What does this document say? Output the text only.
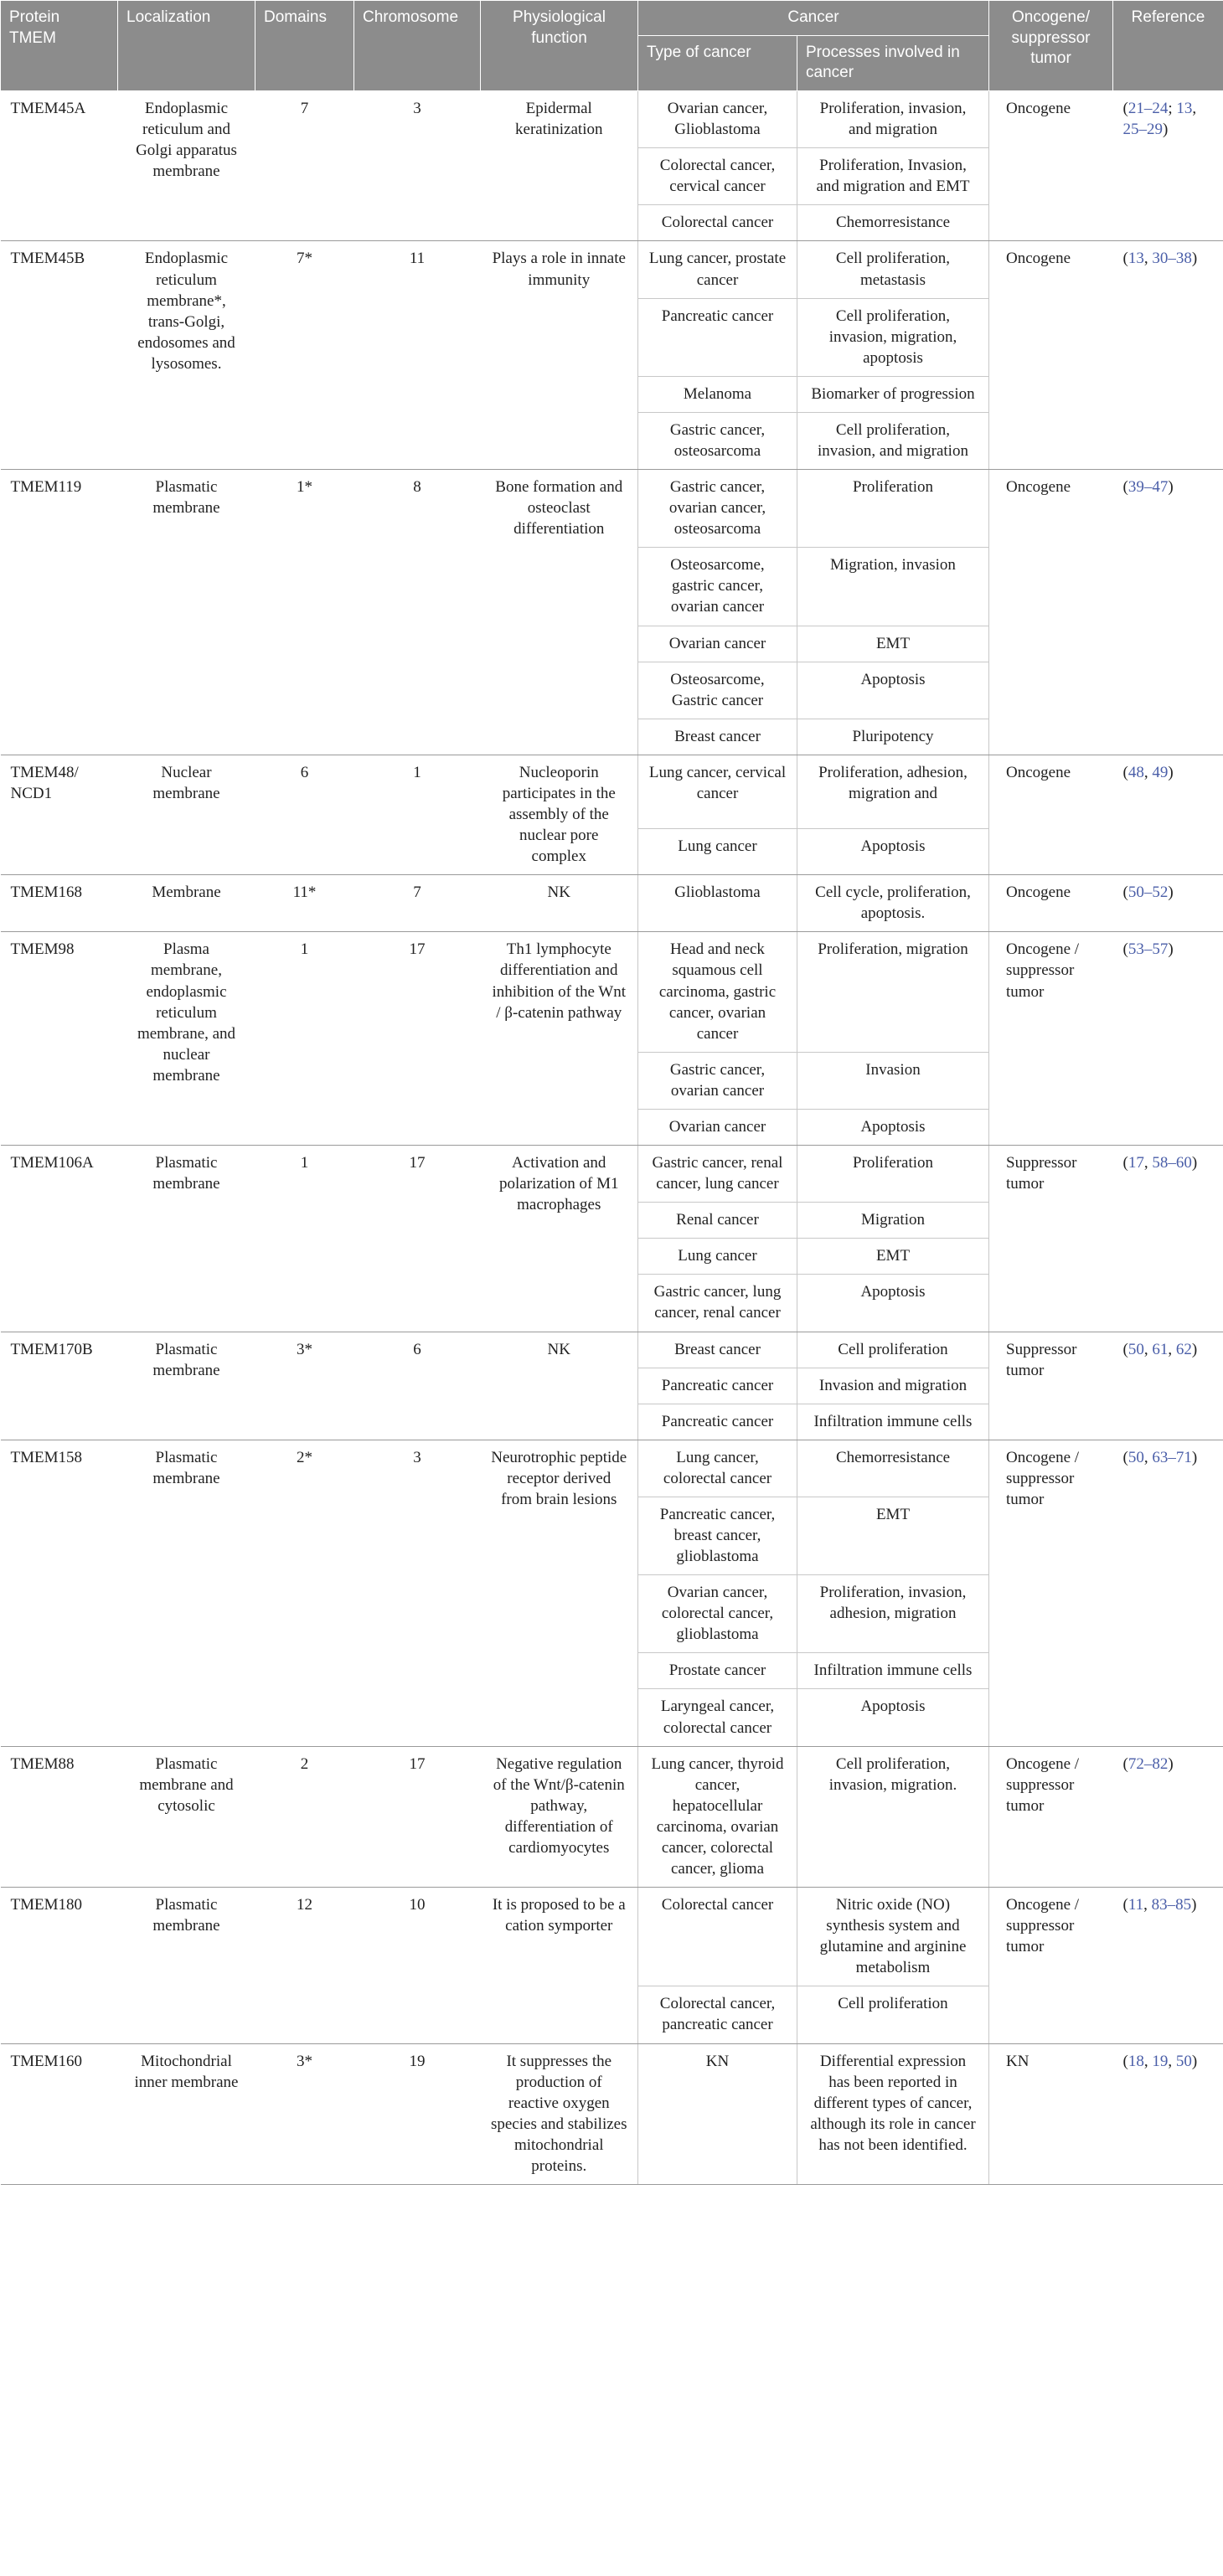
Protein TMEM	Localization	Domains	Chromosome	Physiological function	Cancer		Oncogene/ suppressor tumor	Reference
					Type of cancer	Processes involved in cancer		
TMEM45A	Endoplasmic reticulum and Golgi apparatus membrane	7	3	Epidermal keratinization	Ovarian cancer, Glioblastoma	Proliferation, invasion, and migration	Oncogene	(21–24; 13, 25–29)
					Colorectal cancer, cervical cancer	Proliferation, Invasion, and migration and EMT		
					Colorectal cancer	Chemorresistance		
TMEM45B	Endoplasmic reticulum membrane*, trans-Golgi, endosomes and lysosomes.	7*	11	Plays a role in innate immunity	Lung cancer, prostate cancer	Cell proliferation, metastasis	Oncogene	(13, 30–38)
					Pancreatic cancer	Cell proliferation, invasion, migration, apoptosis		
					Melanoma	Biomarker of progression		
					Gastric cancer, osteosarcoma	Cell proliferation, invasion, and migration		
TMEM119	Plasmatic membrane	1*	8	Bone formation and osteoclast differentiation	Gastric cancer, ovarian cancer, osteosarcoma	Proliferation	Oncogene	(39–47)
					Osteosarcome, gastric cancer, ovarian cancer	Migration, invasion		
					Ovarian cancer	EMT		
					Osteosarcome, Gastric cancer	Apoptosis		
					Breast cancer	Pluripotency		
TMEM48/ NCD1	Nuclear membrane	6	1	Nucleoporin participates in the assembly of the nuclear pore complex	Lung cancer, cervical cancer	Proliferation, adhesion, migration and	Oncogene	(48, 49)
					Lung cancer	Apoptosis		
TMEM168	Membrane	11*	7	NK	Glioblastoma	Cell cycle, proliferation, apoptosis.	Oncogene	(50–52)
TMEM98	Plasma membrane, endoplasmic reticulum membrane, and nuclear membrane	1	17	Th1 lymphocyte differentiation and inhibition of the Wnt / β-catenin pathway	Head and neck squamous cell carcinoma, gastric cancer, ovarian cancer	Proliferation, migration	Oncogene / suppressor tumor	(53–57)
					Gastric cancer, ovarian cancer	Invasion		
					Ovarian cancer	Apoptosis		
TMEM106A	Plasmatic membrane	1	17	Activation and polarization of M1 macrophages	Gastric cancer, renal cancer, lung cancer	Proliferation	Suppressor tumor	(17, 58–60)
					Renal cancer	Migration		
					Lung cancer	EMT		
					Gastric cancer, lung cancer, renal cancer	Apoptosis		
TMEM170B	Plasmatic membrane	3*	6	NK	Breast cancer	Cell proliferation	Suppressor tumor	(50, 61, 62)
					Pancreatic cancer	Invasion and migration		
					Pancreatic cancer	Infiltration immune cells		
TMEM158	Plasmatic membrane	2*	3	Neurotrophic peptide receptor derived from brain lesions	Lung cancer, colorectal cancer	Chemorresistance	Oncogene / suppressor tumor	(50, 63–71)
					Pancreatic cancer, breast cancer, glioblastoma	EMT		
					Ovarian cancer, colorectal cancer, glioblastoma	Proliferation, invasion, adhesion, migration		
					Prostate cancer	Infiltration immune cells		
					Laryngeal cancer, colorectal cancer	Apoptosis		
TMEM88	Plasmatic membrane and cytosolic	2	17	Negative regulation of the Wnt/β-catenin pathway, differentiation of cardiomyocytes	Lung cancer, thyroid cancer, hepatocellular carcinoma, ovarian cancer, colorectal cancer, glioma	Cell proliferation, invasion, migration.	Oncogene / suppressor tumor	(72–82)
TMEM180	Plasmatic membrane	12	10	It is proposed to be a cation symporter	Colorectal cancer	Nitric oxide (NO) synthesis system and glutamine and arginine metabolism	Oncogene / suppressor tumor	(11, 83–85)
					Colorectal cancer, pancreatic cancer	Cell proliferation		
TMEM160	Mitochondrial inner membrane	3*	19	It suppresses the production of reactive oxygen species and stabilizes mitochondrial proteins.	KN	Differential expression has been reported in different types of cancer, although its role in cancer has not been identified.	KN	(18, 19, 50)
